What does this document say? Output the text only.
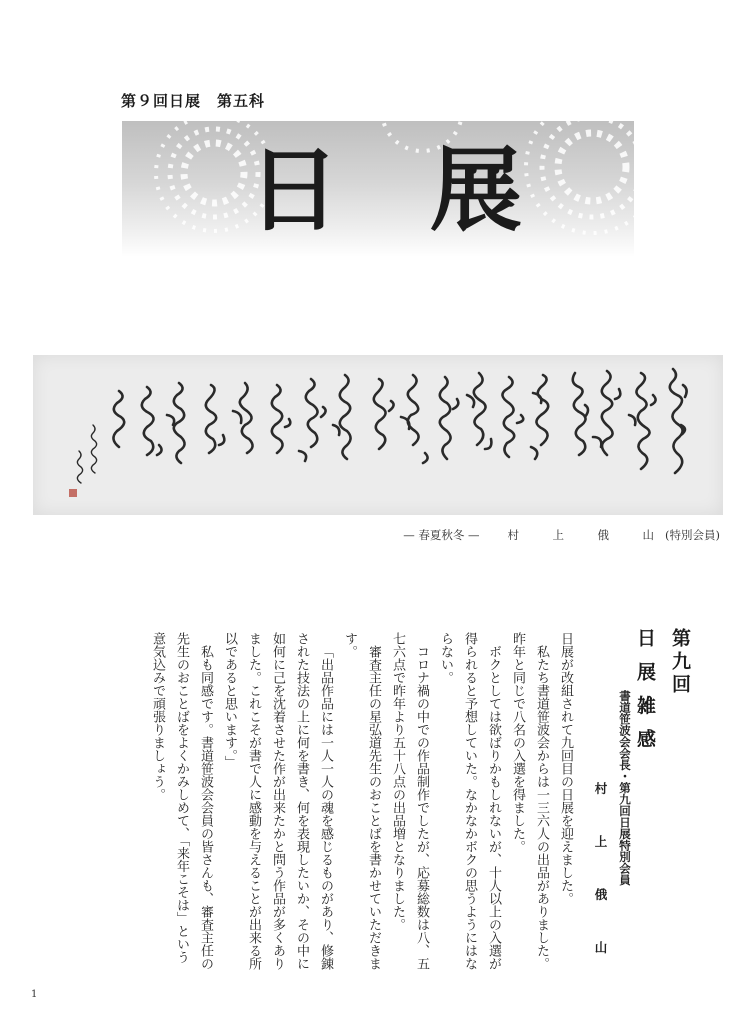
第９回日展　第五科
日 展
— 春夏秋冬 — 村　上　俄　山(特別会員)
第九回
日 展 雑 感
書道笹波会会長・第九回日展特別会員
村　上　俄　山

日展が改組されて九回目の日展を迎えました。

私たち書道笹波会からは一三六人の出品がありました。昨年と同じで八名の入選を得ました。

ボクとしては欲ばりかもしれないが、十人以上の入選が得られると予想していた。なかなかボクの思うようにはならない。

コロナ禍の中での作品制作でしたが、応募総数は八、五七六点で昨年より五十八点の出品増となりました。

審査主任の星弘道先生のおことばを書かせていただきます。

「出品作品には一人一人の魂を感じるものがあり、修錬された技法の上に何を書き、何を表現したいか、その中に如何に己を沈着させた作が出来たかと問う作品が多くありました。これこそが書で人に感動を与えることが出来る所以であると思います。」

私も同感です。書道笹波会会員の皆さんも、審査主任の先生のおことばをよくかみしめて、「来年こそは」という意気込みで頑張りましょう。

1
